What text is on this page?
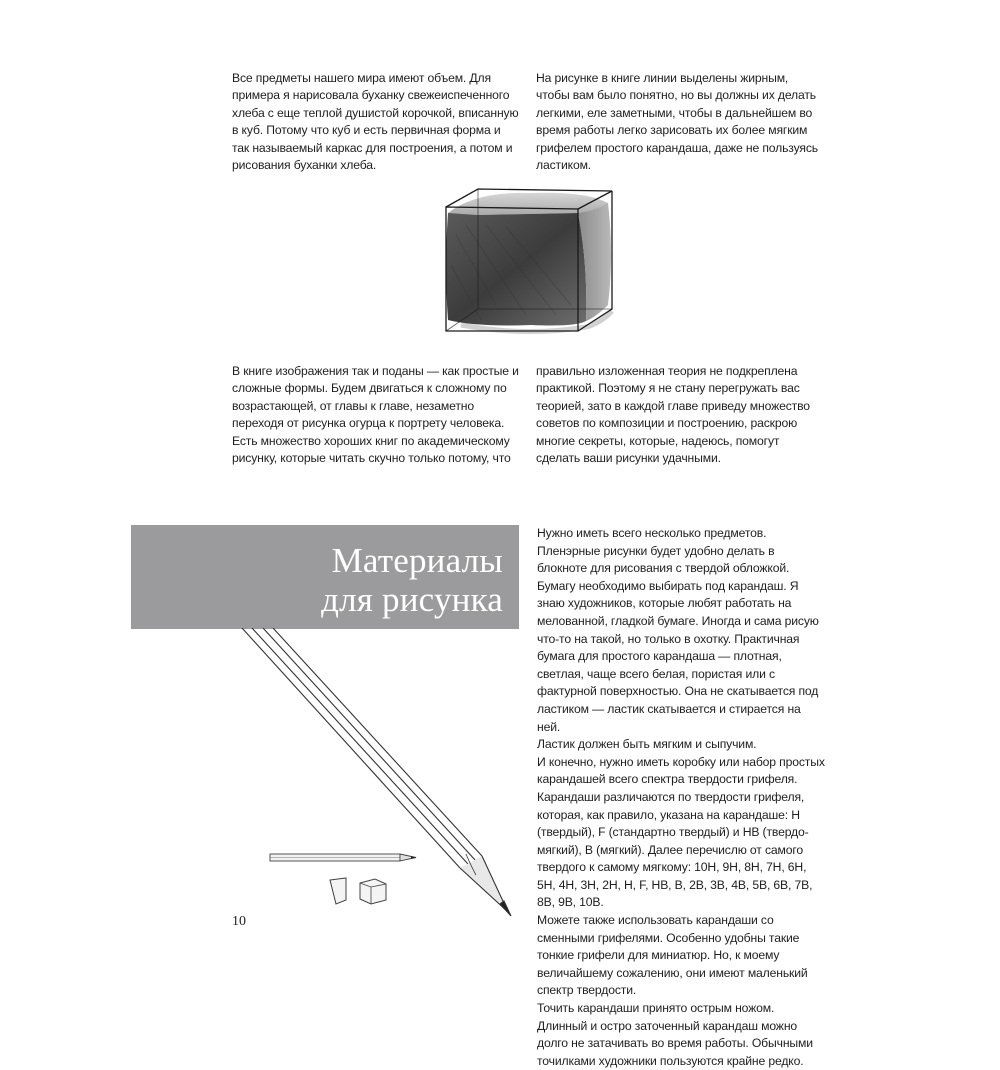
Все предметы нашего мира имеют объем. Для примера я нарисовала буханку свежеиспеченного хлеба с еще теплой душистой корочкой, вписанную в куб. Потому что куб и есть первичная форма и так называемый каркас для построения, а потом и рисования буханки хлеба.

На рисунке в книге линии выделены жирным, чтобы вам было понятно, но вы должны их делать легкими, еле заметными, чтобы в дальнейшем во время работы легко зарисовать их более мягким грифелем простого карандаша, даже не пользуясь ластиком.

В книге изображения так и поданы — как простые и сложные формы. Будем двигаться к сложному по возрастающей, от главы к главе, незаметно переходя от рисунка огурца к портрету человека.

Есть множество хороших книг по академическому рисунку, которые читать скучно только потому, что

правильно изложенная теория не подкреплена практикой. Поэтому я не стану перегружать вас теорией, зато в каждой главе приведу множество советов по композиции и построению, раскрою многие секреты, которые, надеюсь, помогут сделать ваши рисунки удачными.

Материалы
для рисунка

Нужно иметь всего несколько предметов.

Пленэрные рисунки будет удобно делать в блокноте для рисования с твердой обложкой.

Бумагу необходимо выбирать под карандаш. Я знаю художников, которые любят работать на мелованной, гладкой бумаге. Иногда и сама рисую что-то на такой, но только в охотку. Практичная бумага для простого карандаша — плотная, светлая, чаще всего белая, пористая или с фактурной поверхностью. Она не скатывается под ластиком — ластик скатывается и стирается на ней.

Ластик должен быть мягким и сыпучим.

И конечно, нужно иметь коробку или набор простых карандашей всего спектра твердости грифеля.

Карандаши различаются по твердости грифеля, которая, как правило, указана на карандаше: H (твердый), F (стандартно твердый) и HB (твердо-мягкий), B (мягкий). Далее перечислю от самого твердого к самому мягкому: 10H, 9H, 8H, 7H, 6H, 5H, 4H, 3H, 2H, H, F, HB, B, 2B, 3B, 4B, 5B, 6B, 7B, 8B, 9B, 10B.

Можете также использовать карандаши со сменными грифелями. Особенно удобны такие тонкие грифели для миниатюр. Но, к моему величайшему сожалению, они имеют маленький спектр твердости.

Точить карандаши принято острым ножом. Длинный и остро заточенный карандаш можно долго не затачивать во время работы. Обычными точилками художники пользуются крайне редко.

10
